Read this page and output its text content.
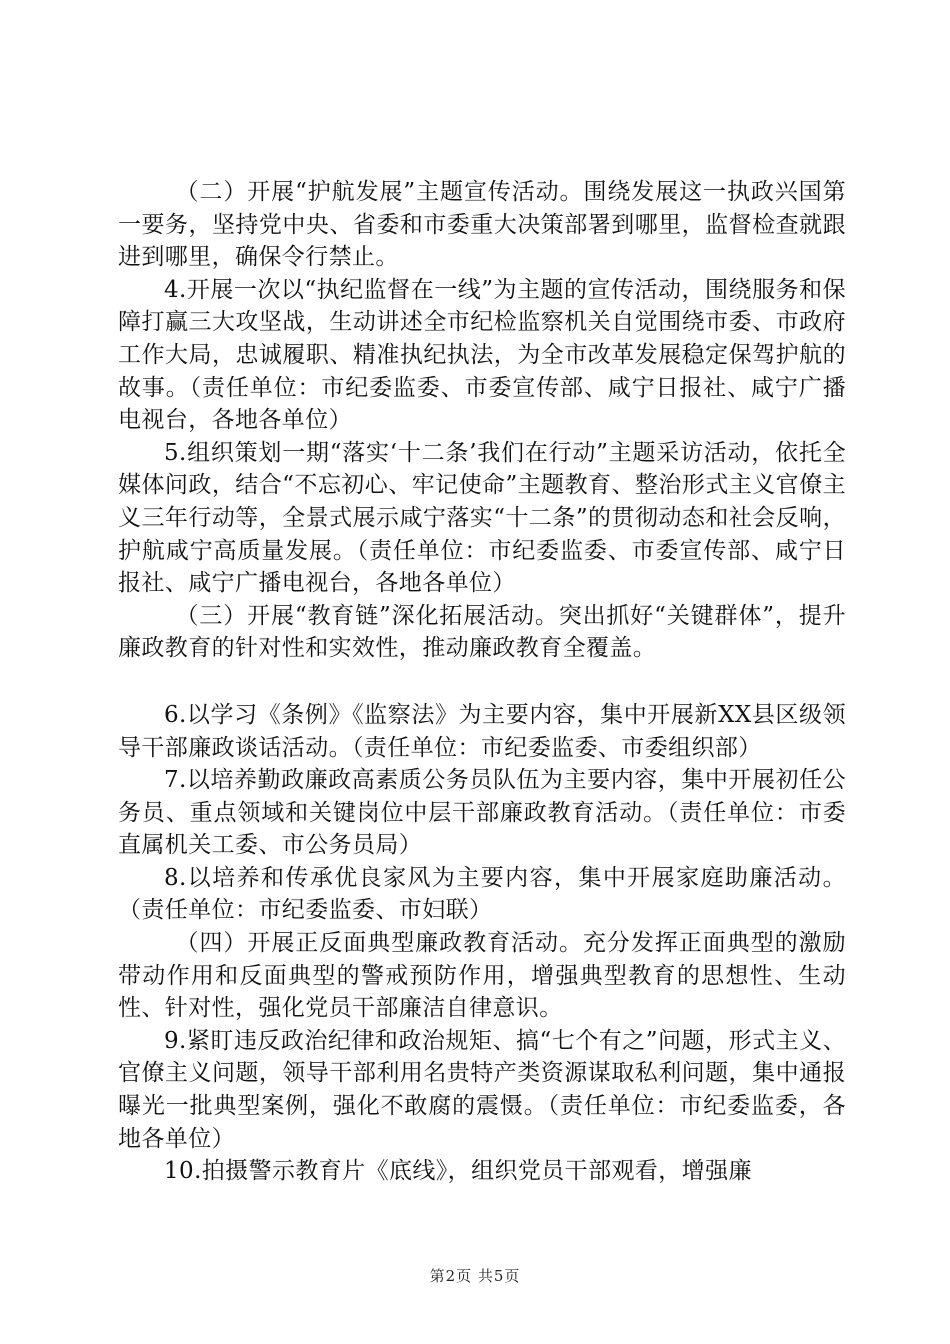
（二）开展“护航发展”主题宣传活动。围绕发展这一执政兴国第一要务，坚持党中央、省委和市委重大决策部署到哪里，监督检查就跟进到哪里，确保令行禁止。

4.开展一次以“执纪监督在一线”为主题的宣传活动，围绕服务和保障打赢三大攻坚战，生动讲述全市纪检监察机关自觉围绕市委、市政府工作大局，忠诚履职、精准执纪执法，为全市改革发展稳定保驾护航的故事。（责任单位：市纪委监委、市委宣传部、咸宁日报社、咸宁广播电视台，各地各单位）

5.组织策划一期“落实‘十二条’我们在行动”主题采访活动，依托全媒体问政，结合“不忘初心、牢记使命”主题教育、整治形式主义官僚主义三年行动等，全景式展示咸宁落实“十二条”的贯彻动态和社会反响，护航咸宁高质量发展。（责任单位：市纪委监委、市委宣传部、咸宁日报社、咸宁广播电视台，各地各单位）

（三）开展“教育链”深化拓展活动。突出抓好“关键群体”，提升廉政教育的针对性和实效性，推动廉政教育全覆盖。

6.以学习《条例》《监察法》为主要内容，集中开展新XX县区级领导干部廉政谈话活动。（责任单位：市纪委监委、市委组织部）

7.以培养勤政廉政高素质公务员队伍为主要内容，集中开展初任公务员、重点领域和关键岗位中层干部廉政教育活动。（责任单位：市委直属机关工委、市公务员局）

8.以培养和传承优良家风为主要内容，集中开展家庭助廉活动。（责任单位：市纪委监委、市妇联）

（四）开展正反面典型廉政教育活动。充分发挥正面典型的激励带动作用和反面典型的警戒预防作用，增强典型教育的思想性、生动性、针对性，强化党员干部廉洁自律意识。

9.紧盯违反政治纪律和政治规矩、搞“七个有之”问题，形式主义、官僚主义问题，领导干部利用名贵特产类资源谋取私利问题，集中通报曝光一批典型案例，强化不敢腐的震慑。（责任单位：市纪委监委，各地各单位）

10.拍摄警示教育片《底线》，组织党员干部观看，增强廉

第2页 共5页
